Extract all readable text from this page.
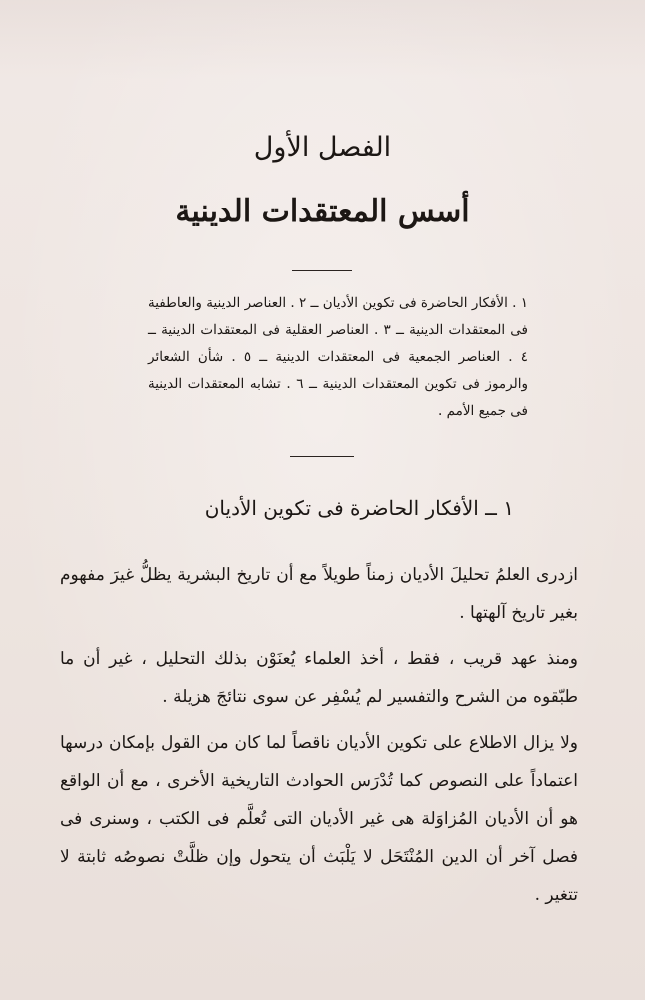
الفصل الأول
أسس المعتقدات الدينية
١ . الأفكار الحاضرة فى تكوين الأديان ــ ٢ . العناصر الدينية والعاطفية فى المعتقدات الدينية ــ ٣ . العناصر العقلية فى المعتقدات الدينية ــ ٤ . العناصر الجمعية فى المعتقدات الدينية ــ ٥ . شأن الشعائر والرموز فى تكوين المعتقدات الدينية ــ ٦ . تشابه المعتقدات الدينية فى جميع الأمم .
١ ــ الأفكار الحاضرة فى تكوين الأديان

ازدرى العلمُ تحليلَ الأديان زمناً طويلاً مع أن تاريخ البشرية يظلُّ غيرَ مفهوم بغير تاريخ آلهتها .

ومنذ عهد قريب ، فقط ، أخذ العلماء يُعنَوْن بذلك التحليل ، غير أن ما طبّقوه من الشرح والتفسير لم يُسْفِر عن سوى نتائجَ هزيلة .

ولا يزال الاطلاع على تكوين الأديان ناقصاً لما كان من القول بإمكان درسها اعتماداً على النصوص كما تُدْرَس الحوادث التاريخية الأخرى ، مع أن الواقع هو أن الأديان المُزاوَلة هى غير الأديان التى تُعلَّم فى الكتب ، وسنرى فى فصل آخر أن الدين المُنْتَحَل لا يَلْبَث أن يتحول وإن ظلَّتْ نصوصُه ثابتة لا تتغير .
